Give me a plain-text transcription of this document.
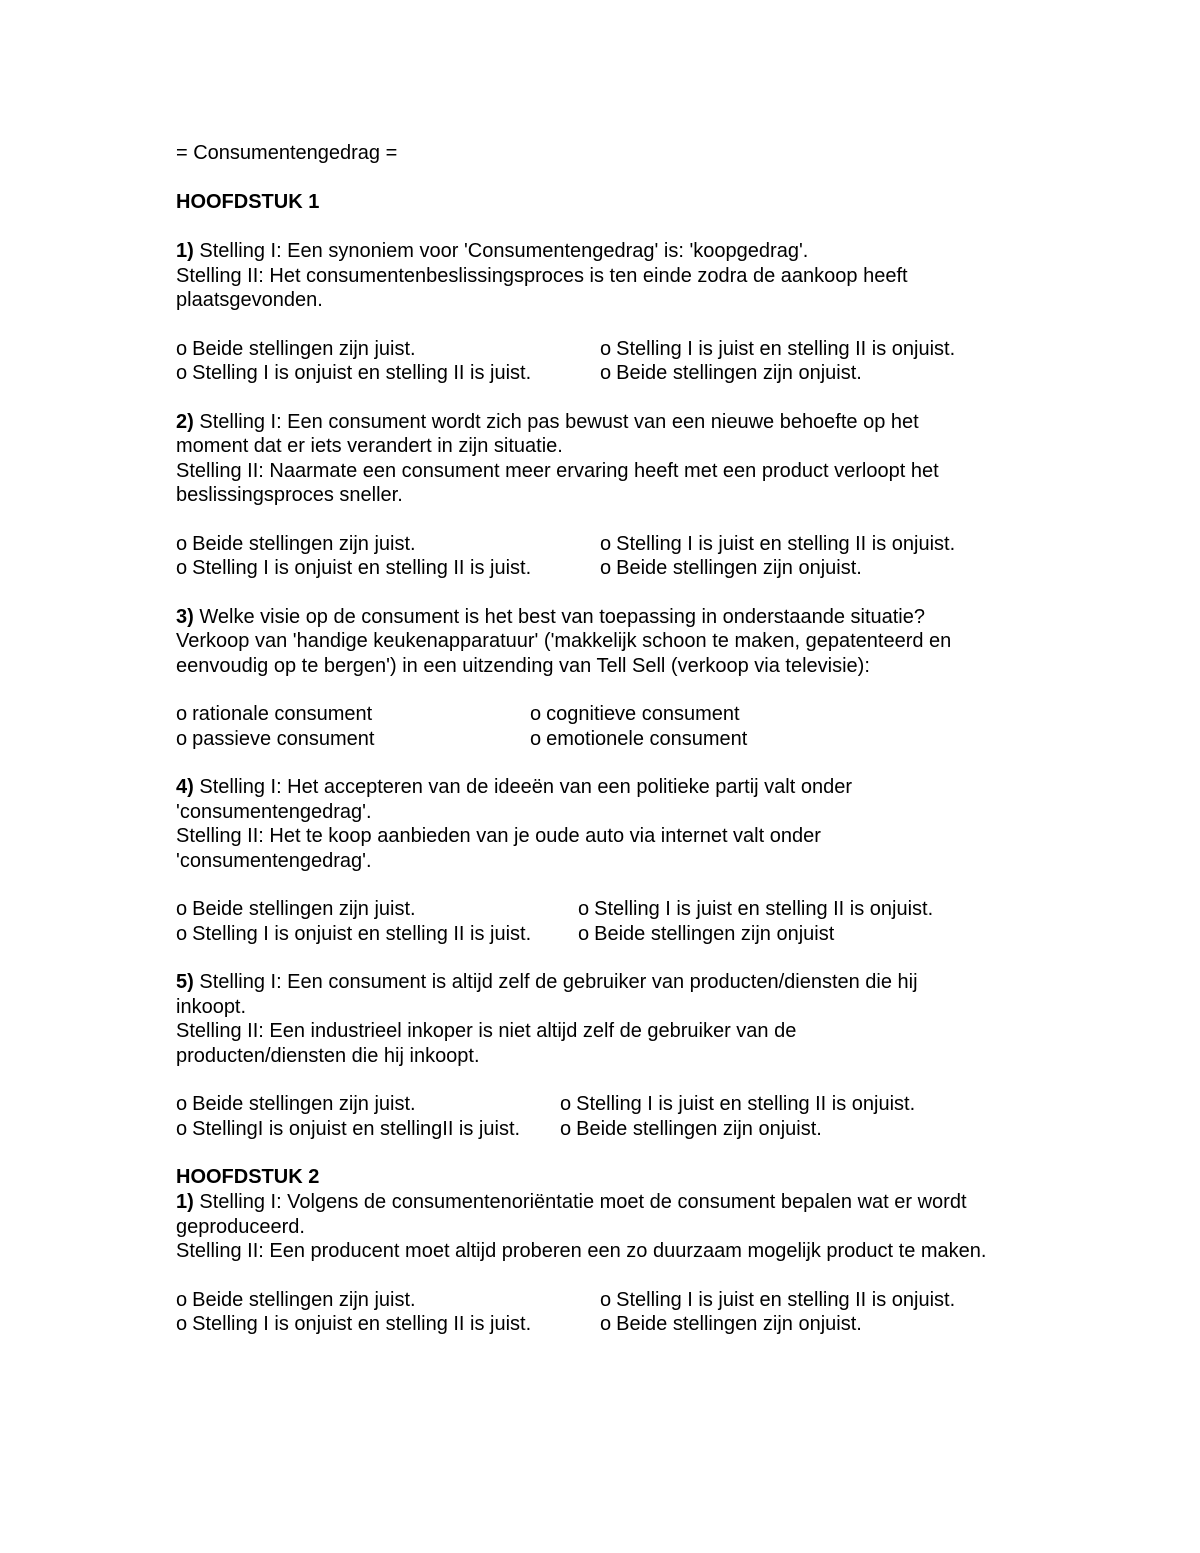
= Consumentengedrag =
HOOFDSTUK 1
1) Stelling I: Een synoniem voor 'Consumentengedrag' is: 'koopgedrag'.
Stelling II: Het consumentenbeslissingsproces is ten einde zodra de aankoop heeft plaatsgevonden.
o Beide stellingen zijn juist.	o Stelling I is juist en stelling II is onjuist.
o Stelling I is onjuist en stelling II is juist.	o Beide stellingen zijn onjuist.
2) Stelling I: Een consument wordt zich pas bewust van een nieuwe behoefte op het moment dat er iets verandert in zijn situatie.
Stelling II: Naarmate een consument meer ervaring heeft met een product verloopt het beslissingsproces sneller.
o Beide stellingen zijn juist.	o Stelling I is juist en stelling II is onjuist.
o Stelling I is onjuist en stelling II is juist.	o Beide stellingen zijn onjuist.
3) Welke visie op de consument is het best van toepassing in onderstaande situatie?
Verkoop van 'handige keukenapparatuur' ('makkelijk schoon te maken, gepatenteerd en eenvoudig op te bergen') in een uitzending van Tell Sell (verkoop via televisie):
o rationale consument	o cognitieve consument
o passieve consument	o emotionele consument
4) Stelling I: Het accepteren van de ideeën van een politieke partij valt onder 'consumentengedrag'.
Stelling II: Het te koop aanbieden van je oude auto via internet valt onder 'consumentengedrag'.
o Beide stellingen zijn juist.	o Stelling I is juist en stelling II is onjuist.
o Stelling I is onjuist en stelling II is juist.	o Beide stellingen zijn onjuist
5) Stelling I: Een consument is altijd zelf de gebruiker van producten/diensten die hij inkoopt.
Stelling II: Een industrieel inkoper is niet altijd zelf de gebruiker van de producten/diensten die hij inkoopt.
o Beide stellingen zijn juist.	o Stelling I is juist en stelling II is onjuist.
o StellingI is onjuist en stellingII is juist.	o Beide stellingen zijn onjuist.
HOOFDSTUK 2
1) Stelling I: Volgens de consumentenoriëntatie moet de consument bepalen wat er wordt geproduceerd.
Stelling II: Een producent moet altijd proberen een zo duurzaam mogelijk product te maken.
o Beide stellingen zijn juist.	o Stelling I is juist en stelling II is onjuist.
o Stelling I is onjuist en stelling II is juist.	o Beide stellingen zijn onjuist.
